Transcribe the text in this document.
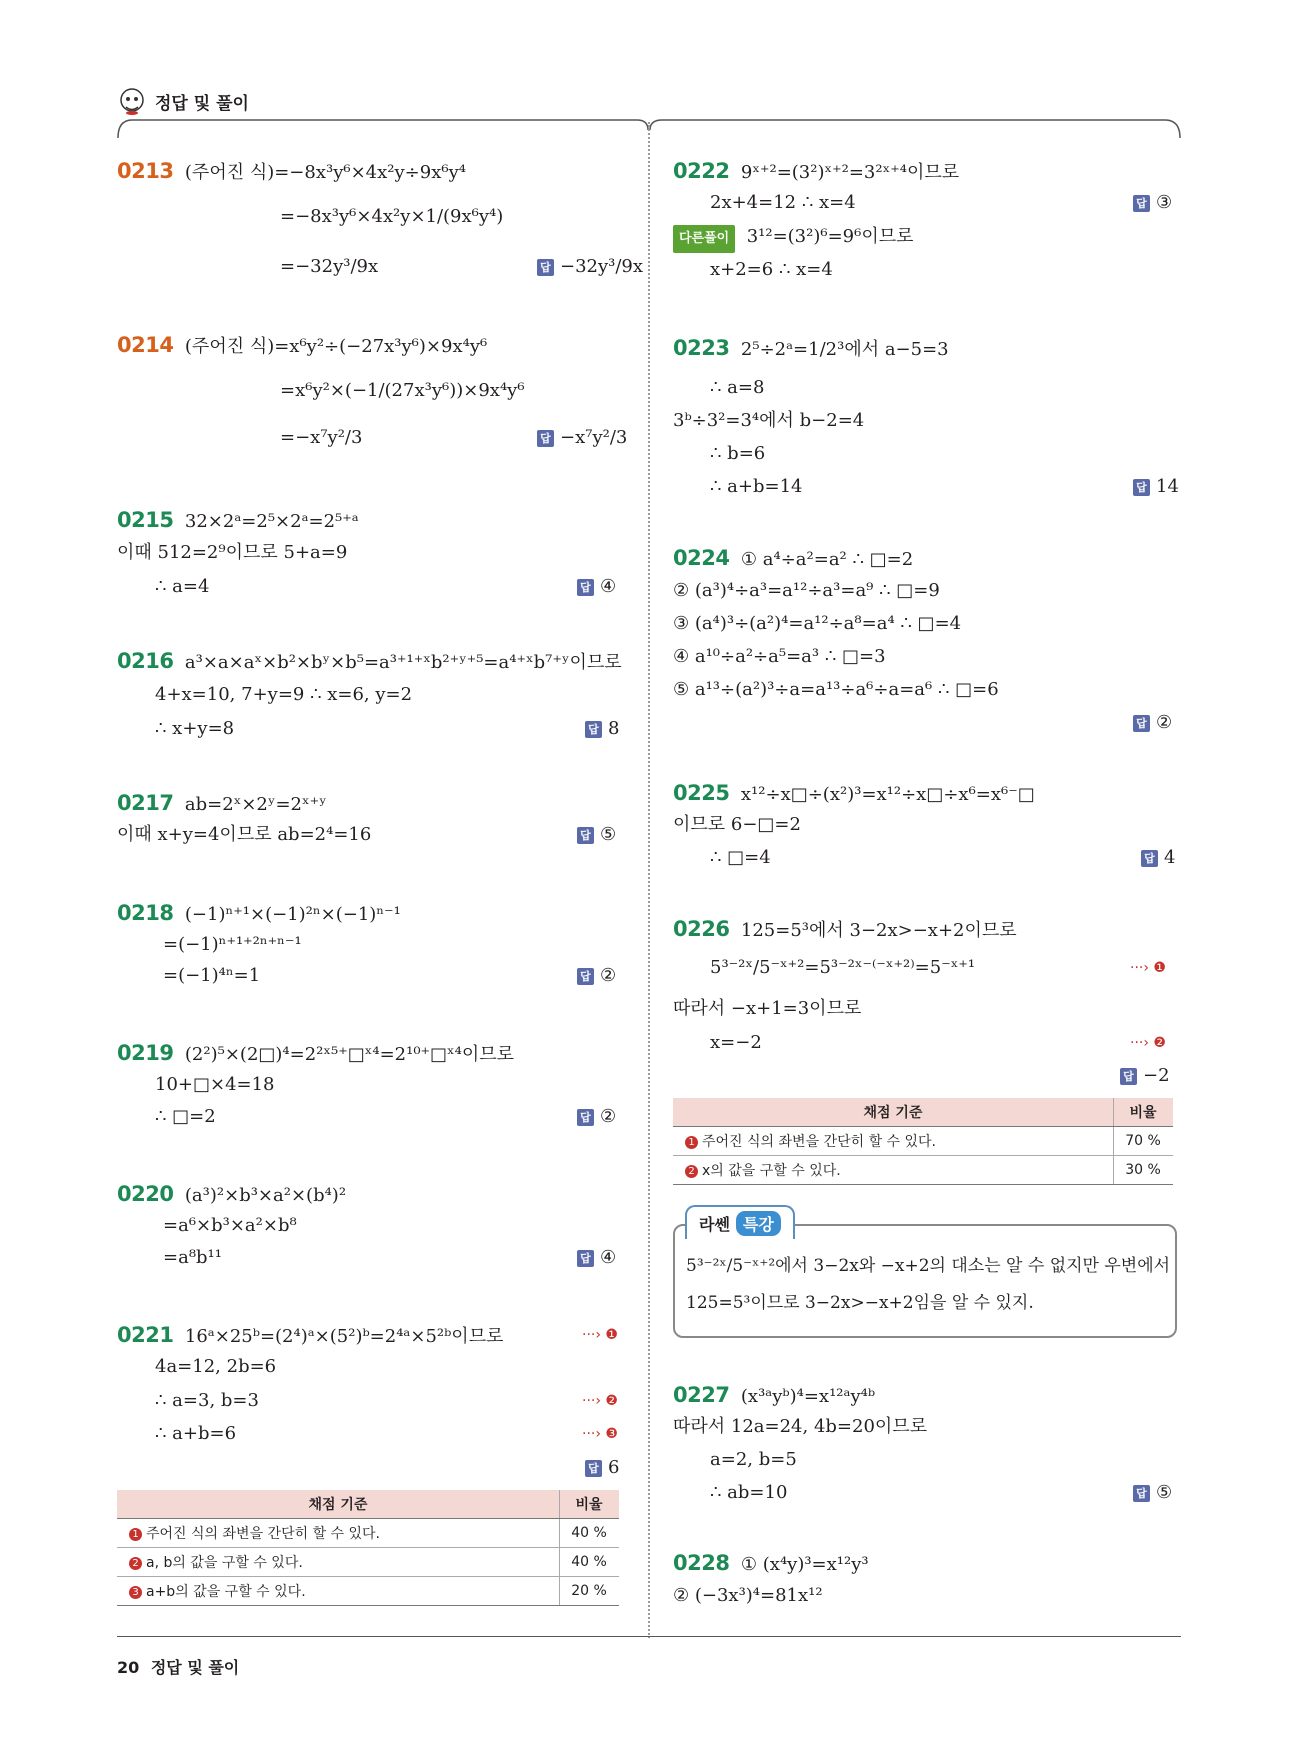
정답 및 풀이
0213 (주어진 식)=−8x³y⁶×4x²y÷9x⁶y⁴
=−8x³y⁶×4x²y×1/(9x⁶y⁴)
=−32y³/9x	답 −32y³/9x
0214 (주어진 식)=x⁶y²÷(−27x³y⁶)×9x⁴y⁶
=x⁶y²×(−1/(27x³y⁶))×9x⁴y⁶
=−x⁷y²/3	답 −x⁷y²/3
0215 32×2ᵃ=2⁵×2ᵃ=2⁵⁺ᵃ
이때 512=2⁹이므로 5+a=9
∴ a=4	답 ④
0216 a³×a×aˣ×b²×bʸ×b⁵=a³⁺¹⁺ˣb²⁺ʸ⁺⁵=a⁴⁺ˣb⁷⁺ʸ이므로
4+x=10, 7+y=9 ∴ x=6, y=2
∴ x+y=8	답 8
0217 ab=2ˣ×2ʸ=2ˣ⁺ʸ
이때 x+y=4이므로 ab=2⁴=16	답 ⑤
0218 (−1)ⁿ⁺¹×(−1)²ⁿ×(−1)ⁿ⁻¹
=(−1)ⁿ⁺¹⁺²ⁿ⁺ⁿ⁻¹
=(−1)⁴ⁿ=1	답 ②
0219 (2²)⁵×(2□)⁴=2²ˣ⁵⁺□ˣ⁴=2¹⁰⁺□ˣ⁴이므로
10+□×4=18
∴ □=2	답 ②
0220 (a³)²×b³×a²×(b⁴)²
=a⁶×b³×a²×b⁸
=a⁸b¹¹	답 ④
0221 16ᵃ×25ᵇ=(2⁴)ᵃ×(5²)ᵇ=2⁴ᵃ×5²ᵇ이므로	···› ❶
4a=12, 2b=6
∴ a=3, b=3	···› ❷
∴ a+b=6	···› ❸
답 6
채점 기준	비율
1 주어진 식의 좌변을 간단히 할 수 있다.	40 %
2 a, b의 값을 구할 수 있다.	40 %
3 a+b의 값을 구할 수 있다.	20 %
0222 9ˣ⁺²=(3²)ˣ⁺²=3²ˣ⁺⁴이므로
2x+4=12 ∴ x=4	답 ③
다른풀이 3¹²=(3²)⁶=9⁶이므로
x+2=6 ∴ x=4
0223 2⁵÷2ᵃ=1/2³에서 a−5=3
∴ a=8
3ᵇ÷3²=3⁴에서 b−2=4
∴ b=6
∴ a+b=14	답 14
0224 ① a⁴÷a²=a² ∴ □=2
② (a³)⁴÷a³=a¹²÷a³=a⁹ ∴ □=9
③ (a⁴)³÷(a²)⁴=a¹²÷a⁸=a⁴ ∴ □=4
④ a¹⁰÷a²÷a⁵=a³ ∴ □=3
⑤ a¹³÷(a²)³÷a=a¹³÷a⁶÷a=a⁶ ∴ □=6
답 ②
0225 x¹²÷x□÷(x²)³=x¹²÷x□÷x⁶=x⁶⁻□
이므로 6−□=2
∴ □=4	답 4
0226 125=5³에서 3−2x>−x+2이므로
5³⁻²ˣ/5⁻ˣ⁺²=5³⁻²ˣ⁻⁽⁻ˣ⁺²⁾=5⁻ˣ⁺¹	···› ❶
따라서 −x+1=3이므로
x=−2	···› ❷
답 −2
채점 기준	비율
1 주어진 식의 좌변을 간단히 할 수 있다.	70 %
2 x의 값을 구할 수 있다.	30 %
라쎈 특강
5³⁻²ˣ/5⁻ˣ⁺²에서 3−2x와 −x+2의 대소는 알 수 없지만 우변에서
125=5³이므로 3−2x>−x+2임을 알 수 있지.
0227 (x³ᵃyᵇ)⁴=x¹²ᵃy⁴ᵇ
따라서 12a=24, 4b=20이므로
a=2, b=5
∴ ab=10	답 ⑤
0228 ① (x⁴y)³=x¹²y³
② (−3x³)⁴=81x¹²
20 정답 및 풀이
